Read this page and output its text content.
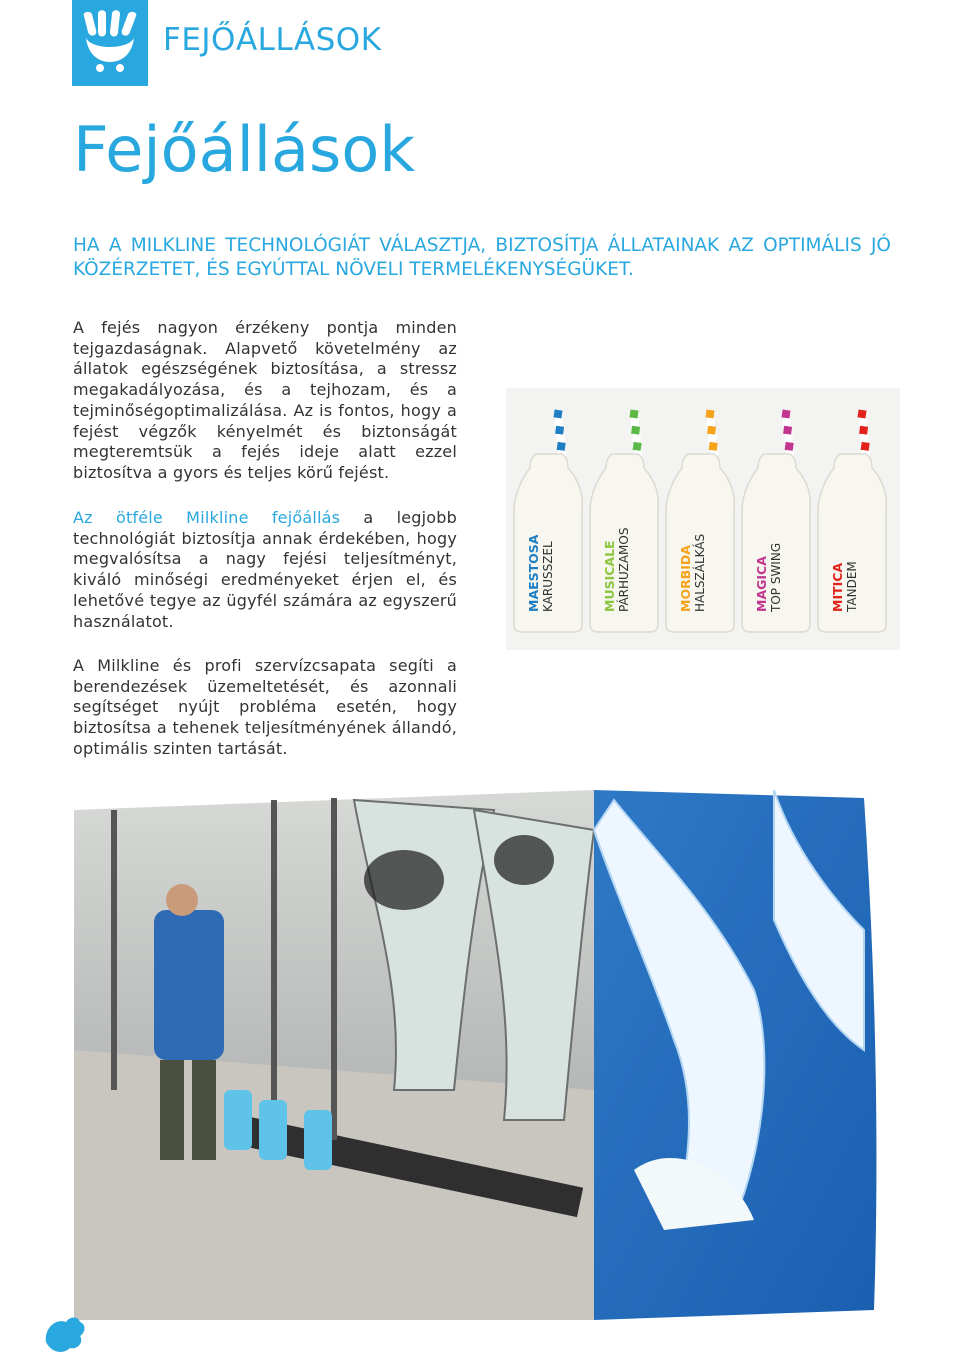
FEJŐÁLLÁSOK
Fejőállások
HA A MILKLINE TECHNOLÓGIÁT VÁLASZTJA, BIZTOSÍTJA ÁLLATAINAK AZ OPTIMÁLIS JÓ KÖZÉRZETET, ÉS EGYÚTTAL NÖVELI TERMELÉKENYSÉGÜKET.
A fejés nagyon érzékeny pontja minden tejgazdaságnak. Alapvető követelmény az állatok egészségének biztosítása, a stressz megakadályozása, és a tejhozam, és a tejminőségoptimalizálása. Az is fontos, hogy a fejést végzők kényelmét és biztonságát megteremtsük a fejés ideje alatt ezzel biztosítva a gyors és teljes körű fejést.
Az ötféle Milkline fejőállás a legjobb technológiát biztosítja annak érdekében, hogy megvalósítsa a nagy fejési teljesítményt, kiváló minőségi eredményeket érjen el, és lehetővé tegye az ügyfél számára az egyszerű használatot.
A Milkline és profi szervízcsapata segíti a berendezések üzemeltetését, és azonnali segítséget nyújt probléma esetén, hogy biztosítsa a tehenek teljesítményének állandó, optimális szinten tartását.
MAESTOSA KARUSSZEL	MUSICALE PÁRHUZAMOS	MORBIDA HALSZÁLKÁS	MAGICA TOP SWING	MITICA TANDEM
2
